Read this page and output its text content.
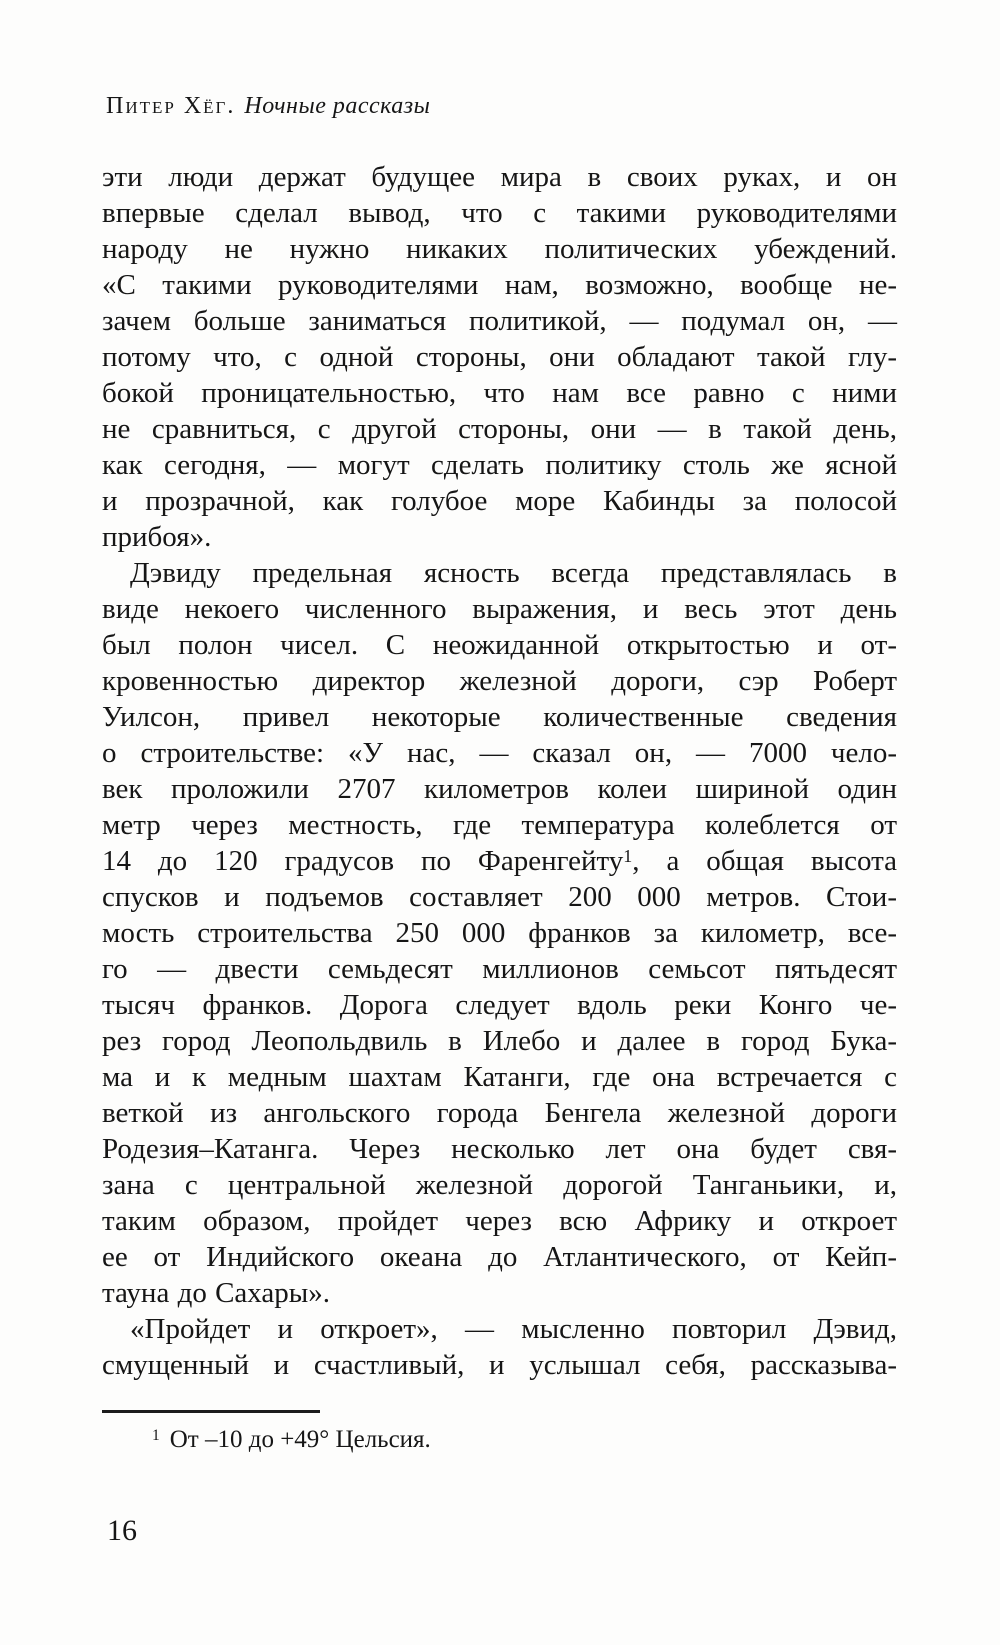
Питер Хёг. Ночные рассказы
эти люди держат будущее мира в своих руках, и он
впервые сделал вывод, что с такими руководителями
народу не нужно никаких политических убеждений.
«С такими руководителями нам, возможно, вообще не-
зачем больше заниматься политикой, — подумал он, —
потому что, с одной стороны, они обладают такой глу-
бокой проницательностью, что нам все равно с ними
не сравниться, с другой стороны, они — в такой день,
как сегодня, — могут сделать политику столь же ясной
и прозрачной, как голубое море Кабинды за полосой
прибоя».
Дэвиду предельная ясность всегда представлялась в
виде некоего численного выражения, и весь этот день
был полон чисел. С неожиданной открытостью и от-
кровенностью директор железной дороги, сэр Роберт
Уилсон, привел некоторые количественные сведения
о строительстве: «У нас, — сказал он, — 7000 чело-
век проложили 2707 километров колеи шириной один
метр через местность, где температура колеблется от
14 до 120 градусов по Фаренгейту$^1$, а общая высота
спусков и подъемов составляет 200 000 метров. Стои-
мость строительства 250 000 франков за километр, все-
го — двести семьдесят миллионов семьсот пятьдесят
тысяч франков. Дорога следует вдоль реки Конго че-
рез город Леопольдвиль в Илебо и далее в город Бука-
ма и к медным шахтам Катанги, где она встречается с
веткой из ангольского города Бенгела железной дороги
Родезия–Катанга. Через несколько лет она будет свя-
зана с центральной железной дорогой Танганьики, и,
таким образом, пройдет через всю Африку и откроет
ее от Индийского океана до Атлантического, от Кейп-
тауна до Сахары».
«Пройдет и откроет», — мысленно повторил Дэвид,
смущенный и счастливый, и услышал себя, рассказыва-
$^1$ От –10 до +49° Цельсия.
16
